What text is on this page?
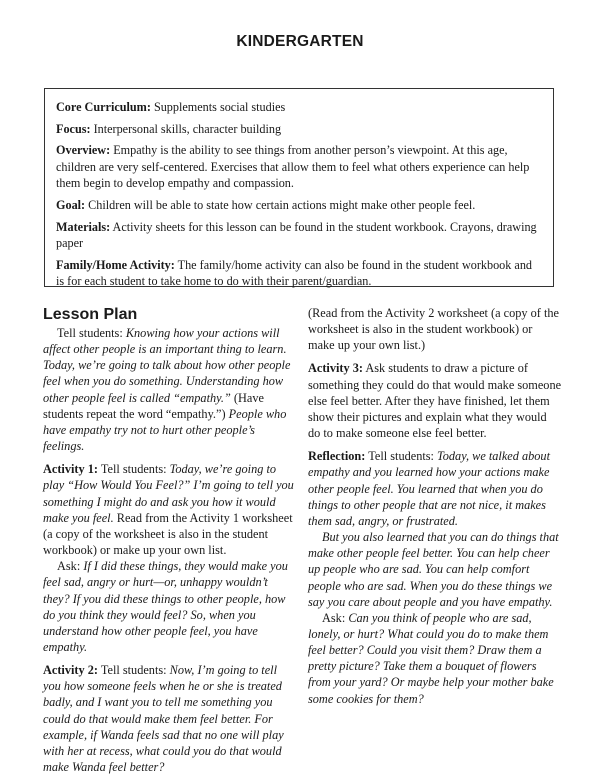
KINDERGARTEN

Core Curriculum: Supplements social studies

Focus: Interpersonal skills, character building

Overview: Empathy is the ability to see things from another person’s viewpoint. At this age, children are very self-centered. Exercises that allow them to feel what others experience can help them begin to develop empathy and compassion.

Goal: Children will be able to state how certain actions might make other people feel.

Materials: Activity sheets for this lesson can be found in the student workbook. Crayons, drawing paper

Family/Home Activity: The family/home activity can also be found in the student workbook and is for each student to take home to do with their parent/guardian.

Lesson Plan

Tell students: Knowing how your actions will affect other people is an important thing to learn. Today, we’re going to talk about how other people feel when you do something. Understanding how other people feel is called “empathy.” (Have students repeat the word “empathy.”) People who have empathy try not to hurt other people’s feelings.

Activity 1: Tell students: Today, we’re going to play “How Would You Feel?” I’m going to tell you something I might do and ask you how it would make you feel. Read from the Activity 1 worksheet (a copy of the worksheet is also in the student workbook) or make up your own list.

Ask: If I did these things, they would make you feel sad, angry or hurt—or, unhappy wouldn’t they? If you did these things to other people, how do you think they would feel? So, when you understand how other people feel, you have empathy.

Activity 2: Tell students: Now, I’m going to tell you how someone feels when he or she is treated badly, and I want you to tell me something you could do that would make them feel better. For example, if Wanda feels sad that no one will play with her at recess, what could you do that would make Wanda feel better?

(Read from the Activity 2 worksheet (a copy of the worksheet is also in the student workbook) or make up your own list.)

Activity 3: Ask students to draw a picture of something they could do that would make someone else feel better. After they have finished, let them show their pictures and explain what they would do to make someone else feel better.

Reflection: Tell students: Today, we talked about empathy and you learned how your actions make other people feel. You learned that when you do things to other people that are not nice, it makes them sad, angry, or frustrated.

But you also learned that you can do things that make other people feel better. You can help cheer up people who are sad. You can help comfort people who are sad. When you do these things we say you care about people and you have empathy.

Ask: Can you think of people who are sad, lonely, or hurt? What could you do to make them feel better? Could you visit them? Draw them a pretty picture? Take them a bouquet of flowers from your yard? Or maybe help your mother bake some cookies for them?
